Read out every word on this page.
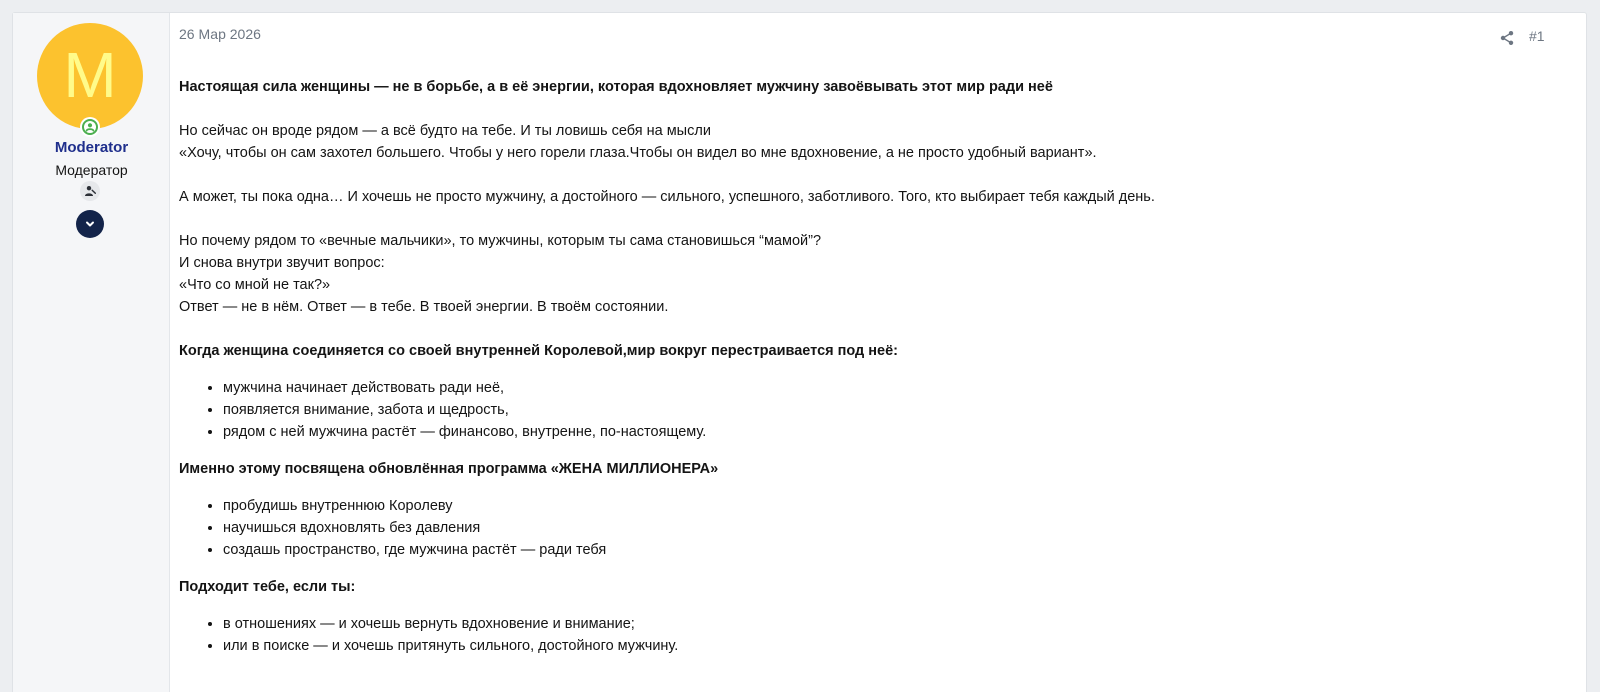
M
Moderator
Модератор
26 Мар 2026	#1

Настоящая сила женщины — не в борьбе, а в её энергии, которая вдохновляет мужчину завоёвывать этот мир ради неё

Но сейчас он вроде рядом — а всё будто на тебе. И ты ловишь себя на мысли

«Хочу, чтобы он сам захотел большего. Чтобы у него горели глаза.Чтобы он видел во мне вдохновение, а не просто удобный вариант».

А может, ты пока одна… И хочешь не просто мужчину, а достойного — сильного, успешного, заботливого. Того, кто выбирает тебя каждый день.

Но почему рядом то «вечные мальчики», то мужчины, которым ты сама становишься “мамой”?

И снова внутри звучит вопрос:

«Что со мной не так?»

Ответ — не в нём. Ответ — в тебе. В твоей энергии. В твоём состоянии.

Когда женщина соединяется со своей внутренней Королевой,мир вокруг перестраивается под неё:

• мужчина начинает действовать ради неё,
• появляется внимание, забота и щедрость,
• рядом с ней мужчина растёт — финансово, внутренне, по-настоящему.

Именно этому посвящена обновлённая программа «ЖЕНА МИЛЛИОНЕРА»

• пробудишь внутреннюю Королеву
• научишься вдохновлять без давления
• создашь пространство, где мужчина растёт — ради тебя

Подходит тебе, если ты:

• в отношениях — и хочешь вернуть вдохновение и внимание;
• или в поиске — и хочешь притянуть сильного, достойного мужчину.
